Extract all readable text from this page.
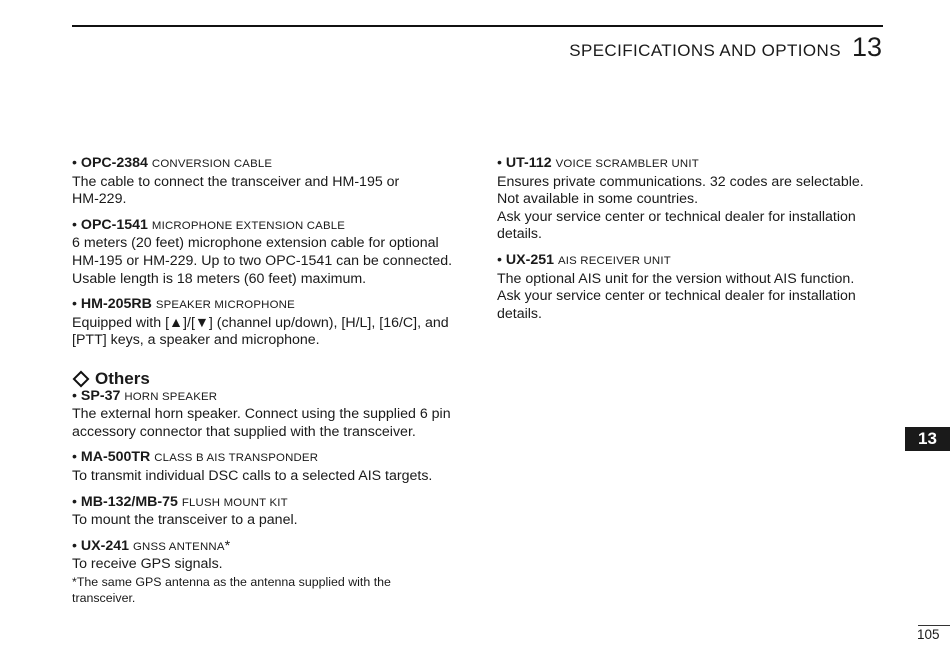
SPECIFICATIONS AND OPTIONS 13
• OPC-2384 CONVERSION CABLE
The cable to connect the transceiver and HM-195 or
HM-229.
• OPC-1541 MICROPHONE EXTENSION CABLE
6 meters (20 feet) microphone extension cable for optional
HM-195 or HM-229. Up to two OPC-1541 can be connected.
Usable length is 18 meters (60 feet) maximum.
• HM-205RB SPEAKER MICROPHONE
Equipped with [▲]/[▼] (channel up/down), [H/L], [16/C], and
[PTT] keys, a speaker and microphone.
Others
• SP-37 HORN SPEAKER
The external horn speaker. Connect using the supplied 6 pin
accessory connector that supplied with the transceiver.
• MA-500TR CLASS B AIS TRANSPONDER
To transmit individual DSC calls to a selected AIS targets.
• MB-132/MB-75 FLUSH MOUNT KIT
To mount the transceiver to a panel.
• UX-241 GNSS ANTENNA*
To receive GPS signals.
*The same GPS antenna as the antenna supplied with the
transceiver.
• UT-112 VOICE SCRAMBLER UNIT
Ensures private communications. 32 codes are selectable.
Not available in some countries.
Ask your service center or technical dealer for installation
details.
• UX-251 AIS RECEIVER UNIT
The optional AIS unit for the version without AIS function.
Ask your service center or technical dealer for installation
details.
13
105
